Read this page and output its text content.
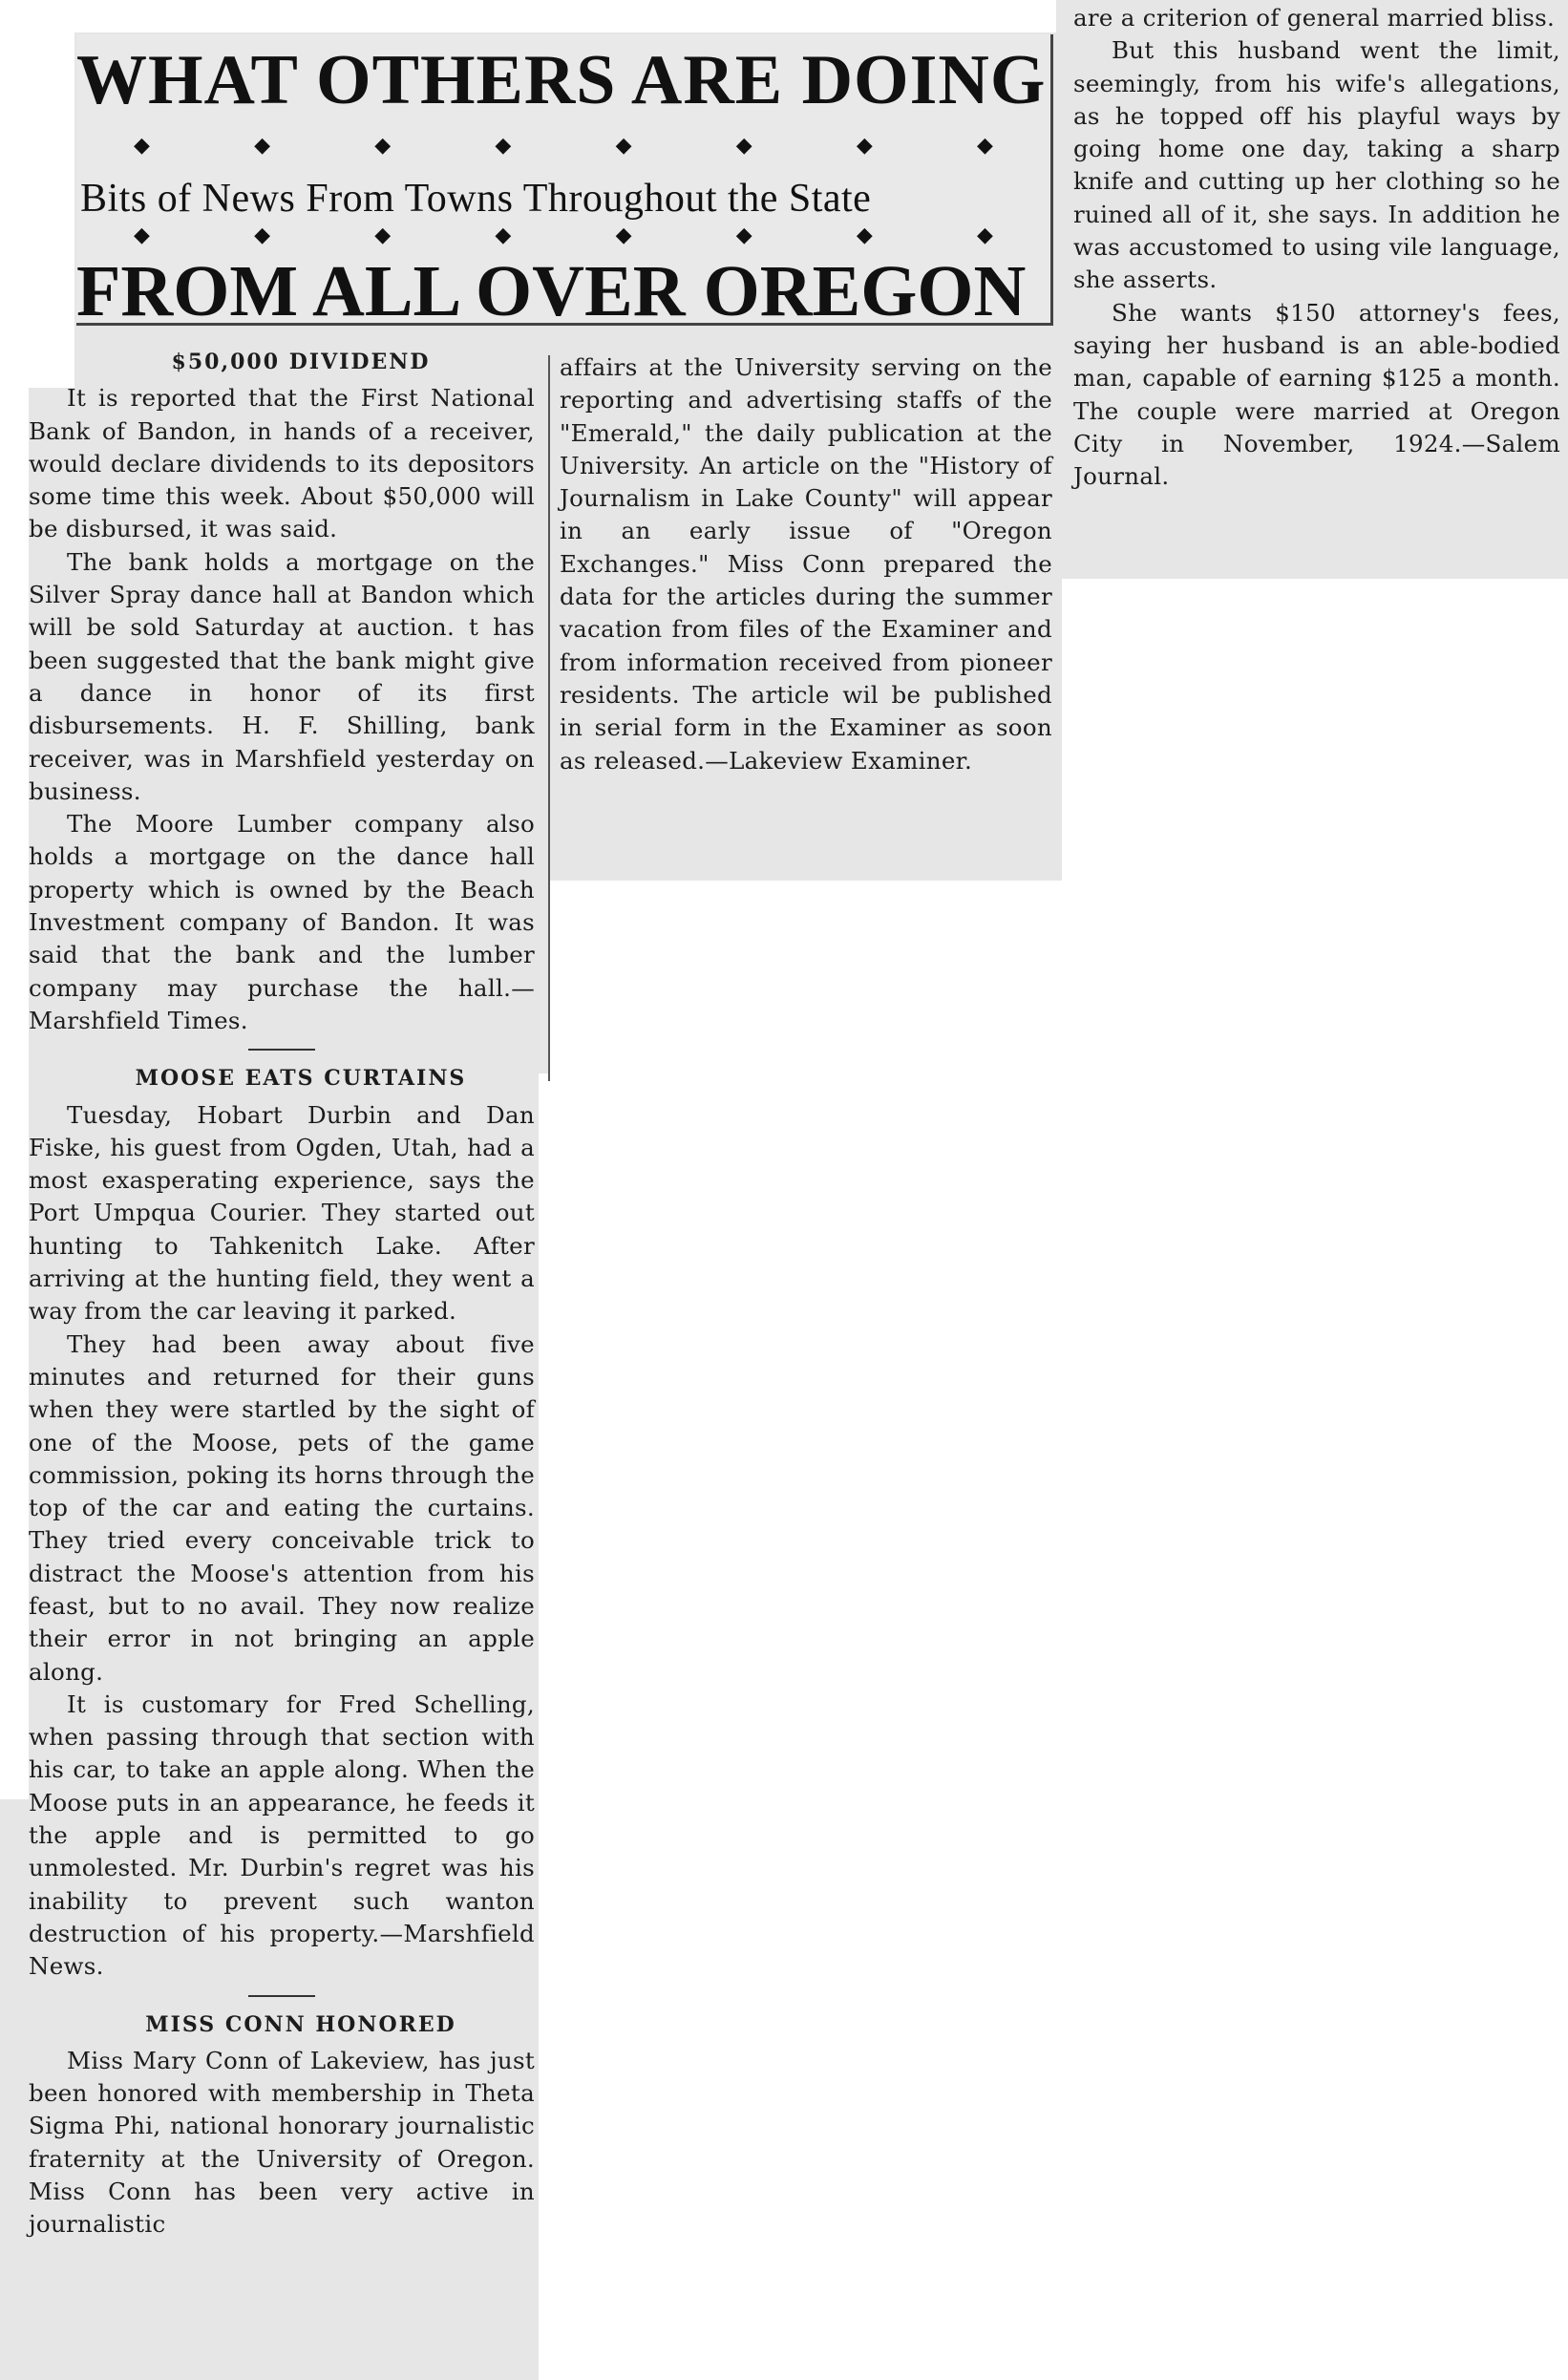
WHAT OTHERS ARE DOING
◆	◆	◆	◆	◆	◆	◆	◆
Bits of News From Towns Throughout the State
◆	◆	◆	◆	◆	◆	◆	◆
FROM ALL OVER OREGON

$50,000 DIVIDEND

It is reported that the First National Bank of Bandon, in hands of a receiver, would declare dividends to its depositors some time this week. About $50,000 will be disbursed, it was said.

The bank holds a mortgage on the Silver Spray dance hall at Bandon which will be sold Saturday at auction. t has been suggested that the bank might give a dance in honor of its first disbursements. H. F. Shilling, bank receiver, was in Marshfield yesterday on business.

The Moore Lumber company also holds a mortgage on the dance hall property which is owned by the Beach Investment company of Bandon. It was said that the bank and the lumber company may purchase the hall.—Marshfield Times.

MOOSE EATS CURTAINS

Tuesday, Hobart Durbin and Dan Fiske, his guest from Ogden, Utah, had a most exasperating experience, says the Port Umpqua Courier. They started out hunting to Tahkenitch Lake. After arriving at the hunting field, they went a way from the car leaving it parked.

They had been away about five minutes and returned for their guns when they were startled by the sight of one of the Moose, pets of the game commission, poking its horns through the top of the car and eating the curtains. They tried every conceivable trick to distract the Moose's attention from his feast, but to no avail. They now realize their error in not bringing an apple along.

It is customary for Fred Schelling, when passing through that section with his car, to take an apple along. When the Moose puts in an appearance, he feeds it the apple and is permitted to go unmolested. Mr. Durbin's regret was his inability to prevent such wanton destruction of his property.—Marshfield News.

MISS CONN HONORED

Miss Mary Conn of Lakeview, has just been honored with membership in Theta Sigma Phi, national honorary journalistic fraternity at the University of Oregon. Miss Conn has been very active in journalistic

affairs at the University serving on the reporting and advertising staffs of the "Emerald," the daily publication at the University. An article on the "History of Journalism in Lake County" will appear in an early issue of "Oregon Exchanges." Miss Conn prepared the data for the articles during the summer vacation from files of the Examiner and from information received from pioneer residents. The article wil be published in serial form in the Examiner as soon as released.—Lakeview Examiner.

are a criterion of general married bliss.

But this husband went the limit, seemingly, from his wife's allegations, as he topped off his playful ways by going home one day, taking a sharp knife and cutting up her clothing so he ruined all of it, she says. In addition he was accustomed to using vile language, she asserts.

She wants $150 attorney's fees, saying her husband is an able-bodied man, capable of earning $125 a month. The couple were married at Oregon City in November, 1924.—Salem Journal.
